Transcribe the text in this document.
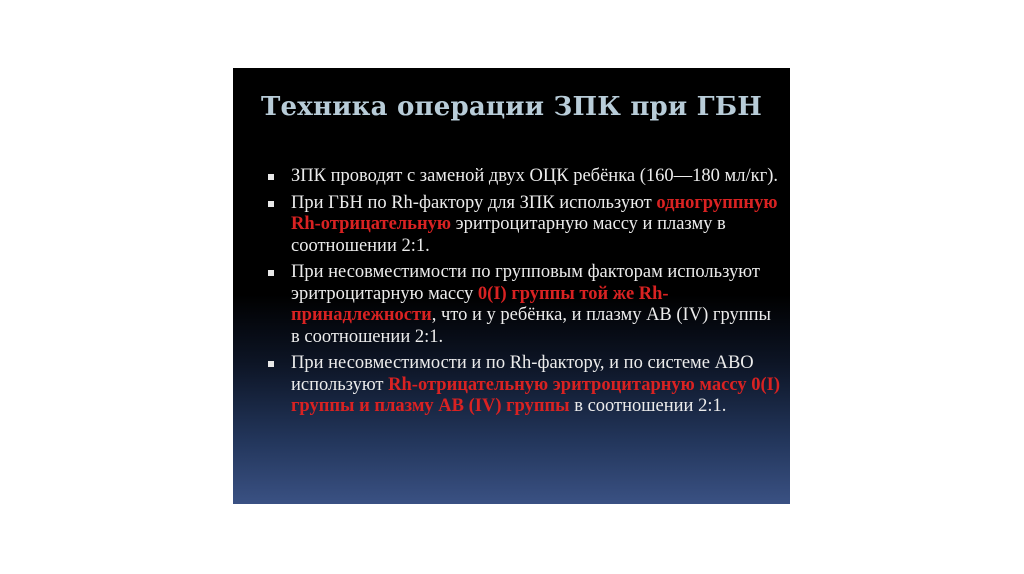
Техника операции ЗПК при ГБН
ЗПК проводят с заменой двух ОЦК ребёнка (160—180 мл/кг).
При ГБН по Rh-фактору для ЗПК используют одногруппную Rh-отрицательную эритроцитарную массу и плазму в соотношении 2:1.
При несовместимости по групповым факторам используют эритроцитарную массу 0(I) группы той же Rh-принадлежности, что и у ребёнка, и плазму АВ (IV) группы в соотношении 2:1.
При несовместимости и по Rh-фактору, и по системе АВО используют Rh-отрицательную эритроцитарную массу 0(I) группы и плазму АВ (IV) группы в соотношении 2:1.
